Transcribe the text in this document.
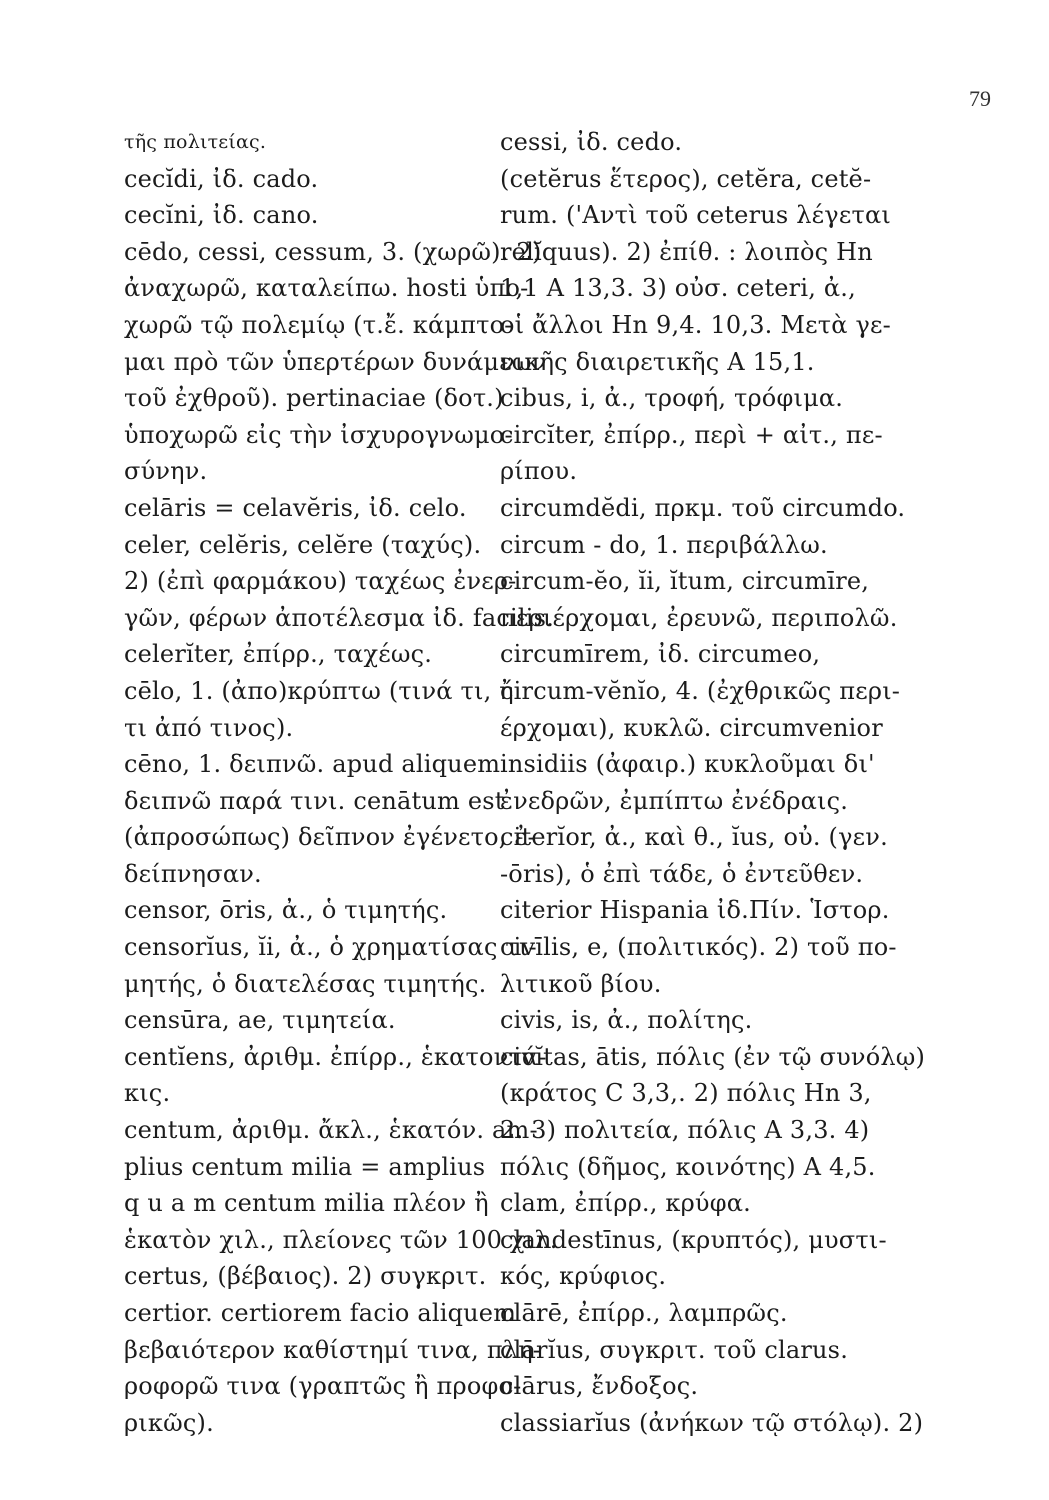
79
τῆς πολιτείας.
cecĭdi, ἰδ. cado.
cecĭni, ἰδ. cano.
cēdo, cessi, cessum, 3. (χωρῶ). 2)
ἀναχωρῶ, καταλείπω. hosti ὑπο-
χωρῶ τῷ πολεμίῳ (τ.ἔ. κάμπτο-
μαι πρὸ τῶν ὑπερτέρων δυνάμεων
τοῦ ἐχθροῦ). pertinaciae (δοτ.)
ὑποχωρῶ εἰς τὴν ἰσχυρογνωμο-
σύνην.
celāris = celavĕris, ἰδ. celo.
celer, celĕris, celĕre (ταχύς).
2) (ἐπὶ φαρμάκου) ταχέως ἐνερ-
γῶν, φέρων ἀποτέλεσμα ἰδ. facilis.
celerĭter, ἐπίρρ., ταχέως.
cēlo, 1. (ἀπο)κρύπτω (τινά τι, ἤ
τι ἀπό τινος).
cēno, 1. δειπνῶ. apud aliquem
δειπνῶ παρά τινι. cenātum est
(ἀπροσώπως) δεῖπνον ἐγένετο, ἐ-
δείπνησαν.
censor, ōris, ἀ., ὁ τιμητής.
censorĭus, ĭi, ἀ., ὁ χρηματίσας τι-
μητής, ὁ διατελέσας τιμητής.
censūra, ae, τιμητεία.
centĭens, ἀριθμ. ἐπίρρ., ἑκατοντά-
κις.
centum, ἀριθμ. ἄκλ., ἑκατόν. am-
plius centum milia = amplius
q u a m centum milia πλέον ἢ
ἑκατὸν χιλ., πλείονες τῶν 100 χιλ.
certus, (βέβαιος). 2) συγκριτ.
certior. certiorem facio aliquem
βεβαιότερον καθίστημί τινα, πλη-
ροφορῶ τινα (γραπτῶς ἢ προφο-
ρικῶς).
cessi, ἰδ. cedo.
(cetĕrus ἕτερος), cetĕra, cetĕ-
rum. ('Αντὶ τοῦ ceterus λέγεται
relĭquus). 2) ἐπίθ. : λοιπὸς Hn
1,1 A 13,3. 3) οὐσ. ceteri, ἀ.,
οἱ ἄλλοι Hn 9,4. 10,3. Μετὰ γε-
νικῆς διαιρετικῆς A 15,1.
cibus, i, ἀ., τροφή, τρόφιμα.
circĭter, ἐπίρρ., περὶ + αἰτ., πε-
ρίπου.
circumdĕdi, πρκμ. τοῦ circumdo.
circum - do, 1. περιβάλλω.
circum-ĕo, ĭi, ĭtum, circumīre,
περιέρχομαι, ἐρευνῶ, περιπολῶ.
circumīrem, ἰδ. circumeo,
circum-vĕnĭo, 4. (ἐχθρικῶς περι-
έρχομαι), κυκλῶ. circumvenior
insidiis (ἀφαιρ.) κυκλοῦμαι δι'
ἐνεδρῶν, ἐμπίπτω ἐνέδραις.
citerĭor, ἀ., καὶ θ., ĭus, οὐ. (γεν.
-ōris), ὁ ἐπὶ τάδε, ὁ ἐντεῦθεν.
citerior Hispania ἰδ.Πίν. Ἱστορ.
civīlis, e, (πολιτικός). 2) τοῦ πο-
λιτικοῦ βίου.
civis, is, ἀ., πολίτης.
civĭtas, ātis, πόλις (ἐν τῷ συνόλῳ)
(κράτος C 3,3,. 2) πόλις Hn 3,
2. 3) πολιτεία, πόλις A 3,3. 4)
πόλις (δῆμος, κοινότης) A 4,5.
clam, ἐπίρρ., κρύφα.
clandestīnus, (κρυπτός), μυστι-
κός, κρύφιος.
clārē, ἐπίρρ., λαμπρῶς.
clārĭus, συγκριτ. τοῦ clarus.
clārus, ἔνδοξος.
classiarĭus (ἀνήκων τῷ στόλῳ). 2)
